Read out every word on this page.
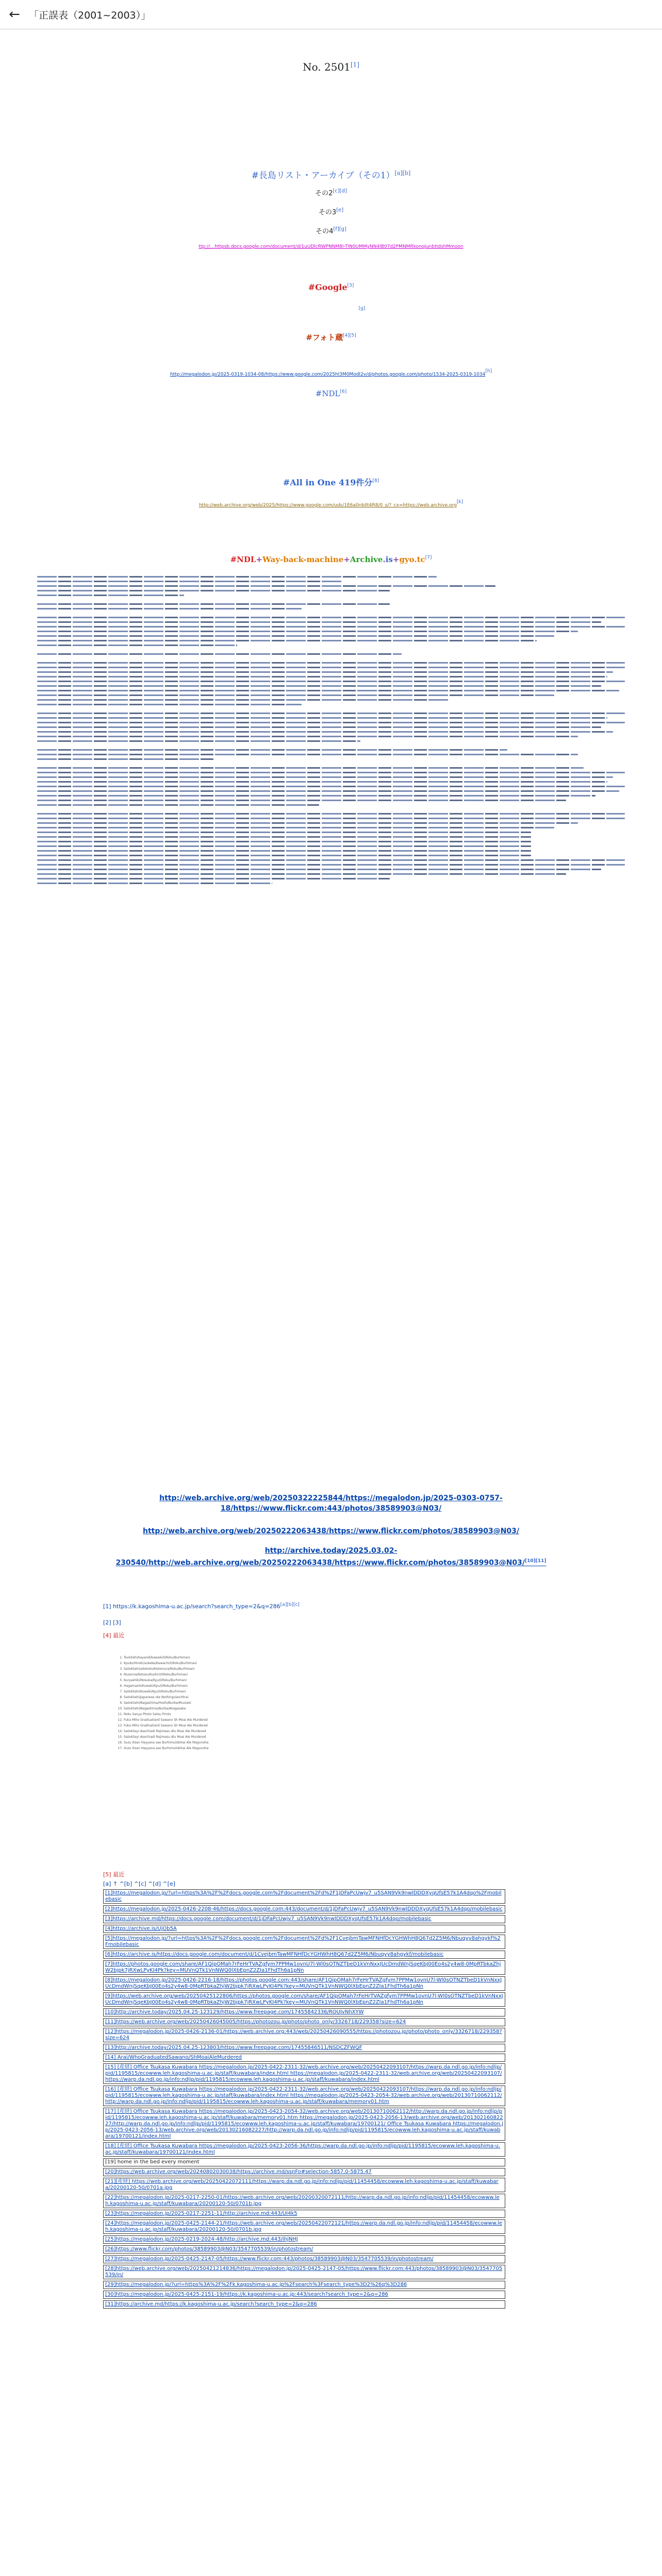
← 「正誤表（2001~2003）」
No. 2501[1]
#長島リスト・アーカイブ（その1）[a][b]
その2[c][d]
その3[e]
その4[f][g]
ttp://…httpsb.docs.google.com/document/d/1uUDlcRWPNNM8l-TIN0UMMyNN4lB07d2PMNMRkonoJunbtIdshMmoon
#Google[3]
[g]
#フォト蔵[4][5]
http://megalodon.jp/2025-0319-1034-08/https://www.google.com/2025hI3M0ModI2v/d/photos.google.com/photo/1534-2025-0319-1034[h]
#NDL[6]
#All in One 419件分[8]
http://web.archive.org/web/2025/https://www.google.com/uds/1E6a0nbIlt4R8/0_s/?_cx=https://web.archive.org[k]
#NDL+Way-back-machine+Archive.is+gyo.tc[7]
http://web.archive.org/web/20250322225844/https://megalodon.jp/2025-0303-0757-18/https://www.flickr.com:443/photos/38589903@N03/
http://web.archive.org/web/20250222063438/https://www.flickr.com/photos/38589903@N03/
http://archive.today/2025.03.02-230540/http://web.archive.org/web/20250222063438/https://www.flickr.com/photos/38589903@N03/[10][11]
[1] https://k.kagoshima-u.ac.jp/search?search_type=2&q=286[a][b][c]
[2] [3]
[4] 最近
1. Tsukitahi/kayandi/kawaki/GRoku/Burhimani
2. Kyodo/Hiroki/sukebe/Kawachi/GRoku/Burhimani
3. Satokitahi/adahoto/Kotomura/Roku/Burhimani
4. Rozanna/Kotosu/Kushiri/GRoku/Burhimani
5. Kuryashiki/Nosuka/Kyu/GRoku/Burhimani
6. Hagamashi/Kuwaki/Kyu/GRoku/Burhimani
7. Satokitahi/Kuwaki/Kyu/GRoku/Burhimani
8. Satokitahi/Japanese ote Nothingulan/Hirai
9. Satokitahi/Nagashima/Hoshi/Burba/Muzzaki
10. Satokitahi/Nagashima/Burba/Akagasaka
11. Roku Sanya Photo Satsu Prints
12. Fuka Miho Gradiuatiard Sawano Sh Moai Ale Murdered
13. Fuka Miho Gradiuatiard Sawano Sh Moai Ale Murdered
14. Satokitayi Asechiadi Rojimasu Alu Moai Ale Murdered
15. Satokitayi Asechiadi Rojimasu Alu Moai Ale Murdered
16. Suzu Itoan Hayyana sao Burhimuiidohai Ale Magunoha
17. Suzu Itoan Hayyana sao Burhimuiidohai Ale Magunoha
[5] 最近
[a] ↑ ^[b] ^[c] ^[d] ^[e]
[1]https://megalodon.jp/?url=https%3A%2F%2Fdocs.google.com%2Fdocument%2Fd%2F1jDFaPcUwjv7_u5SAN9Vk9nwlDDDXyqUfsE57k1A4dqo%2Fmobilebasic
[2]https://megalodon.jp/2025-0426-2208-46/https://docs.google.com:443/document/d/1jDFaPcUwjv7_u5SAN9Vk9nwlDDDXyqUfsE57k1A4dqo/mobilebasic
[3]https://archive.md/https://docs.google.com/document/d/1jDFaPcUwjv7_u5SAN9Vk9nwlDDDXyqUfsE57k1A4dqo/mobilebasic
[4]https://archive.is/UjOb5A
[5]https://megalodon.jp/?url=https%3A%2F%2Fdocs.google.com%2Fdocument%2Fd%2F1CvejbmTawMFNHfDcYGHWhH8Q67d2Z5M6/Nbuqyy8ahgykf%2Fmobilebasic
[6]https://archive.is/https://docs.google.com/document/d/1CvejbmTawMFNHfDcYGHWhH8Q67d2Z5M6/Nbuqyy8ahgykf/mobilebasic
[7]https://photos.google.com/share/AF1QipOMah7rFeHrTVAZgfym7PPMw1ovnU7l-Wl0sOTNZTbeD1kVnNxxJUcDmdWnjSqeKbJ00Eo4s2y4w8-0MpRTbkaZhjW2bjpk7jRXwLPyKI4Pk?key=MUVnQTk1VnNWQ0lXbEpnZ2ZIa1FhdTh6a1pNn
[8]https://megalodon.jp/2025-0426-2216-18/https://photos.google.com:443/share/AF1QipOMah7rFeHrTVAZgfym7PPMw1ovnU7l-Wl0sOTNZTbeD1kVnNxxJUcDmdWnjSqeKbJ00Eo4s2y4w8-0MpRTbkaZhjW2bjpk7jRXwLPyKI4Pk?key=MUVnQTk1VnNWQ0lXbEpnZ2ZIa1FhdTh6a1pNn
[9]https://web.archive.org/web/20250425122806/https://photos.google.com/share/AF1QipOMah7rFeHrTVAZgfym7PPMw1ovnU7l-Wl0sOTNZTbeD1kVnNxxJUcDmdWnjSqeKbJ00Eo4s2y4w8-0MpRTbkaZhjW2bjpk7jRXwLPyKI4Pk?key=MUVnQTk1VnNWQ0lXbEpnZ2ZIa1FhdTh6a1pNn
[10]http://archive.today/2025.04.25-123129/https://www.freepage.com/17455842336/ROUIvNhXYW
[11]https://web.archive.org/web/20250426045005/https://photozou.jp/photo/photo_only/3326718/229358?size=624
[12]https://megalodon.jp/2025-0426-2136-01/https://web.archive.org:443/web/20250426090555/https://photozou.jp/photo/photo_only/3326718/229358?size=624
[13]http://archive.today/2025.04.25-123803/https://www.freepage.com/17455846511/NSDCZFWQF
[14] Arai/WhoGraduatedSawano/ShMoaiAleMurdered
[15] [産経] Office Tsukasa Kuwabara https://megalodon.jp/2025-0422-2311-32/web.archive.org/web/20250422093107/https://warp.da.ndl.go.jp/info:ndljp/pid/1195815/ecowww.leh.kagoshima-u.ac.jp/staff/kuwabara/index.html https://megalodon.jp/2025-0422-2311-32/web.archive.org/web/20250422093107/https://warp.da.ndl.go.jp/info:ndljp/pid/1195815/ecowww.leh.kagoshima-u.ac.jp/staff/kuwabara/index.html
[16] [産経] Office Tsukasa Kuwabara https://megalodon.jp/2025-0422-2311-32/web.archive.org/web/20250422093107/https://warp.da.ndl.go.jp/info:ndljp/pid/1195815/ecowww.leh.kagoshima-u.ac.jp/staff/kuwabara/index.html https://megalodon.jp/2025-0423-2054-32/web.archive.org/web/20130710062112/http://warp.da.ndl.go.jp/info:ndljp/pid/1195815/ecowww.leh.kagoshima-u.ac.jp/staff/kuwabara/memory01.htm
[17] [産経] Office Tsukasa Kuwabara https://megalodon.jp/2025-0423-2054-32/web.archive.org/web/20130710062112/http://warp.da.ndl.go.jp/info:ndljp/pid/1195815/ecowww.leh.kagoshima-u.ac.jp/staff/kuwabara/memory01.htm https://megalodon.jp/2025-0423-2056-13/web.archive.org/web/20130216082227/http://warp.da.ndl.go.jp/info:ndljp/pid/1195815/ecowww.leh.kagoshima-u.ac.jp/staff/kuwabara/19700121/ Office Tsukasa Kuwabara https://megalodon.jp/2025-0423-2056-13/web.archive.org/web/20130216082227/http://warp.da.ndl.go.jp/info:ndljp/pid/1195815/ecowww.leh.kagoshima-u.ac.jp/staff/kuwabara/19700121/index.html
[18] [産経] Office Tsukasa Kuwabara https://megalodon.jp/2025-0423-2056-36/https://warp.da.ndl.go.jp/info:ndljp/pid/1195815/ecowww.leh.kagoshima-u.ac.jp/staff/kuwabara/19700121/index.html
[19] home in the bed every moment
[20]https://web.archive.org/web/20240802030038/https://archive.md/ssnFo#selection-5857.0-5875.47
[21][産経] https://web.archive.org/web/20250422072111/https://warp.da.ndl.go.jp/info:ndljp/pid/11454458/ecowww.leh.kagoshima-u.ac.jp/staff/kuwabara/20200120-50/0701a.jpg
[22]https://megalodon.jp/2025-0217-2250-01/https://web.archive.org/web/20200320072111/http://warp.da.ndl.go.jp/info:ndljp/pid/11454458/ecowww.leh.kagoshima-u.ac.jp/staff/kuwabara/20200120-50/0701b.jpg
[23]https://megalodon.jp/2025-0217-2251-11/http://archive.md:443/UI4k5
[24]https://megalodon.jp/2025-0425-2144-21/https://web.archive.org/web/20250422072121/https://warp.da.ndl.go.jp/info:ndljp/pid/11454458/ecowww.leh.kagoshima-u.ac.jp/staff/kuwabara/20200120-50/0701b.jpg
[25]https://megalodon.jp/2025-0219-2024-48/http://archive.md:443/ihjNHJ
[26]https://www.flickr.com/photos/38589903@N03/3547705539/in/photostream/
[27]https://megalodon.jp/2025-0425-2147-05/https://www.flickr.com:443/photos/38589903@N03/3547705539/in/photostream/
[28]https://web.archive.org/web/20250421214836/https://megalodon.jp/2025-0425-2147-05/https://www.flickr.com:443/photos/38589903@N03/3547705539/in/
[29]https://megalodon.jp/?url=https%3A%2F%2Fk.kagoshima-u.ac.jp%2Fsearch%3Fsearch_type%3D2%26q%3D286
[30]https://megalodon.jp/2025-0425-2151-19/https://k.kagoshima-u.ac.jp:443/search?search_type=2&q=286
[31]https://archive.md/https://k.kagoshima-u.ac.jp/search?search_type=2&q=286
